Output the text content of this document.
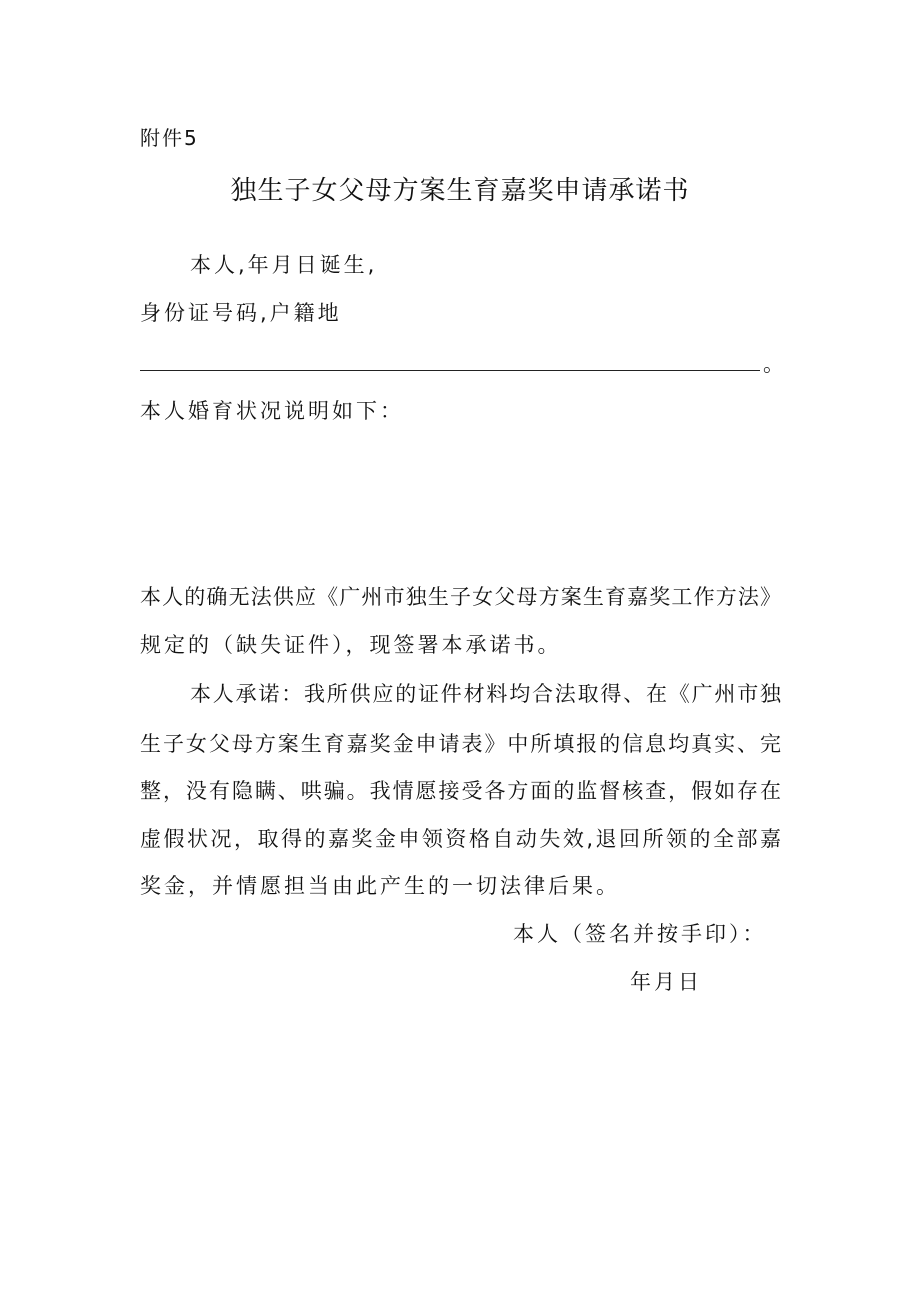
附件5
独生子女父母方案生育嘉奖申请承诺书
本人,年月日诞生,
身份证号码,户籍地
。
本人婚育状况说明如下：
本人的确无法供应《广州市独生子女父母方案生育嘉奖工作方法》
规定的（缺失证件），现签署本承诺书。
本人承诺：我所供应的证件材料均合法取得、在《广州市独
生子女父母方案生育嘉奖金申请表》中所填报的信息均真实、完
整，没有隐瞒、哄骗。我情愿接受各方面的监督核查，假如存在
虚假状况，取得的嘉奖金申领资格自动失效,退回所领的全部嘉
奖金，并情愿担当由此产生的一切法律后果。
本人（签名并按手印）：
年月日
